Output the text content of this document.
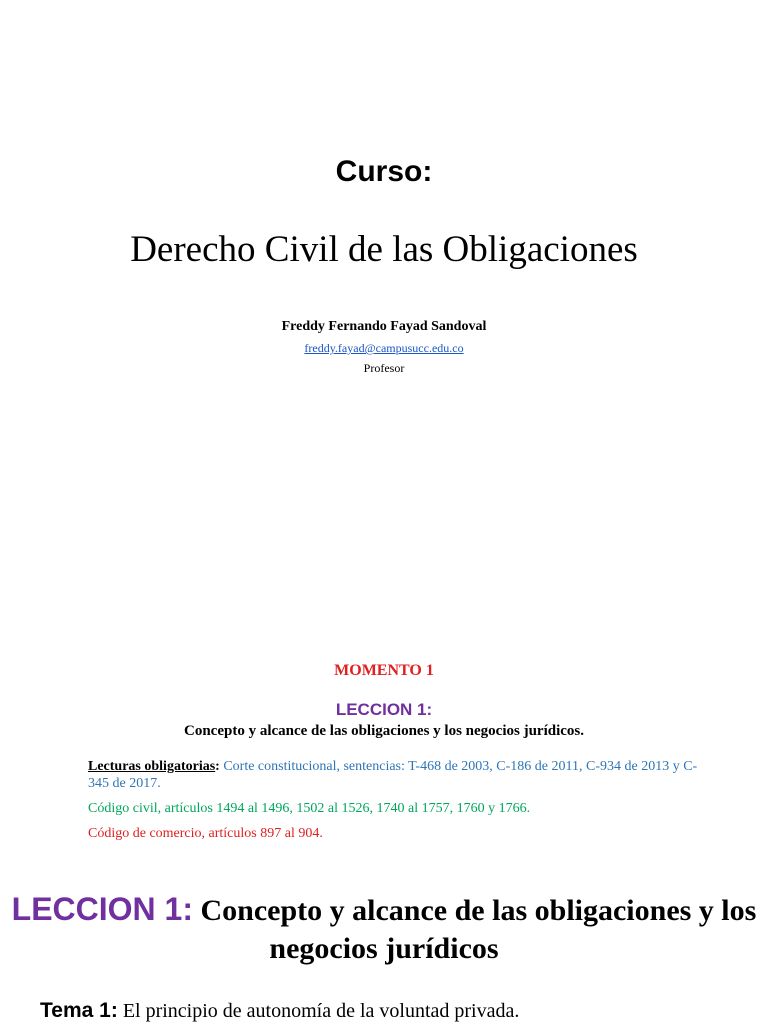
Curso:
Derecho Civil de las Obligaciones
Freddy Fernando Fayad Sandoval
freddy.fayad@campusucc.edu.co
Profesor
MOMENTO 1
LECCION 1:
Concepto y alcance de las obligaciones y los negocios jurídicos.

Lecturas obligatorias: Corte constitucional, sentencias: T-468 de 2003, C-186 de 2011, C-934 de 2013 y C-345 de 2017.

Código civil, artículos 1494 al 1496, 1502 al 1526, 1740 al 1757, 1760 y 1766.

Código de comercio, artículos 897 al 904.

LECCION 1: Concepto y alcance de las obligaciones y los negocios jurídicos
Tema 1: El principio de autonomía de la voluntad privada.
